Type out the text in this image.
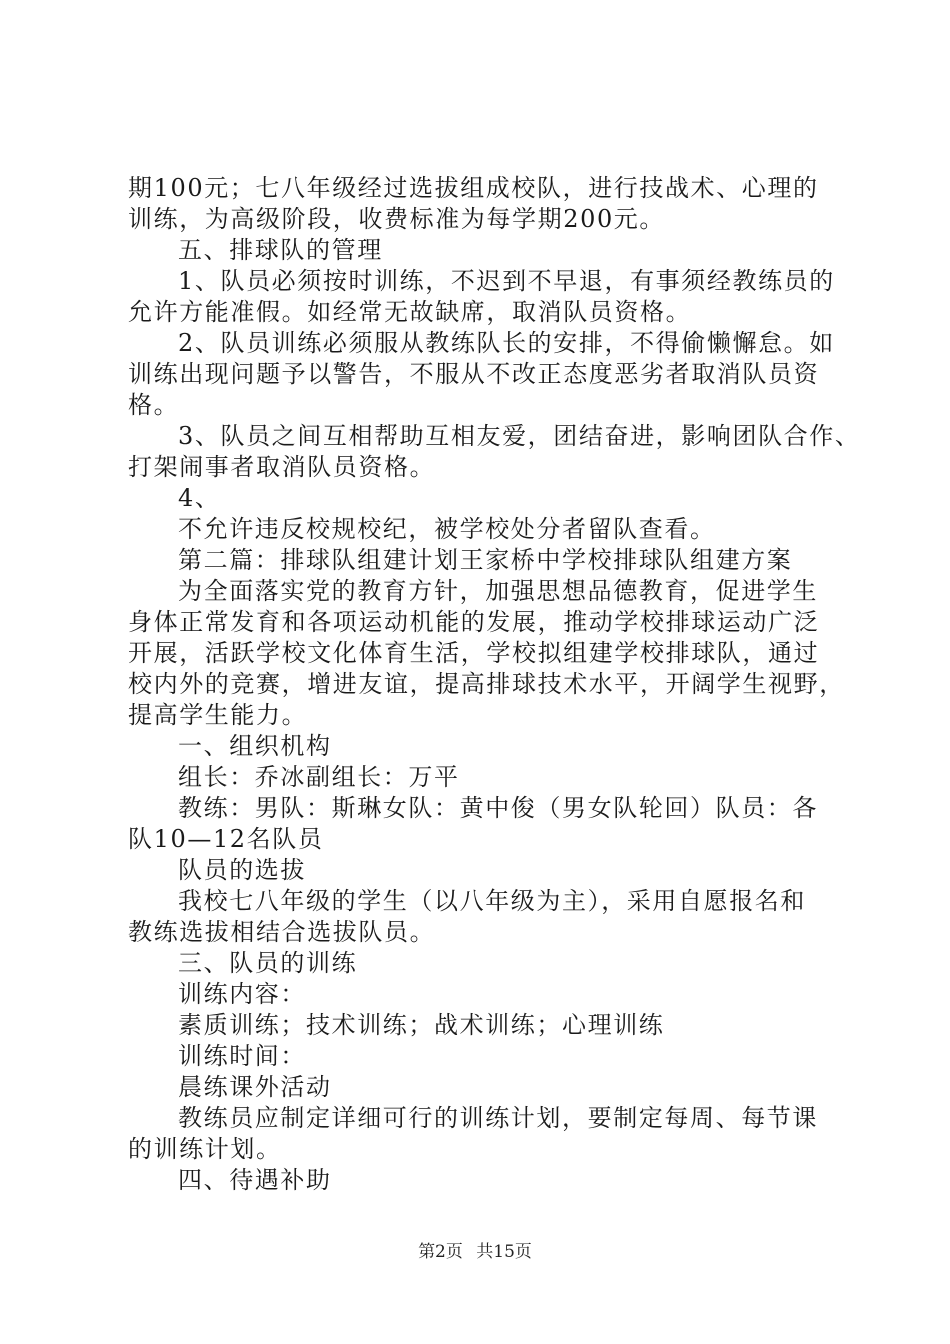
期100元；七八年级经过选拔组成校队，进行技战术、心理的

训练，为高级阶段，收费标准为每学期200元。

五、排球队的管理

1、队员必须按时训练，不迟到不早退，有事须经教练员的

允许方能准假。如经常无故缺席，取消队员资格。

2、队员训练必须服从教练队长的安排，不得偷懒懈怠。如

训练出现问题予以警告，不服从不改正态度恶劣者取消队员资

格。

3、队员之间互相帮助互相友爱，团结奋进，影响团队合作、

打架闹事者取消队员资格。

4、

不允许违反校规校纪，被学校处分者留队查看。

第二篇：排球队组建计划王家桥中学校排球队组建方案

为全面落实党的教育方针，加强思想品德教育，促进学生

身体正常发育和各项运动机能的发展，推动学校排球运动广泛

开展，活跃学校文化体育生活，学校拟组建学校排球队，通过

校内外的竞赛，增进友谊，提高排球技术水平，开阔学生视野，

提高学生能力。

一、组织机构

组长：乔冰副组长：万平

教练：男队：斯琳女队：黄中俊（男女队轮回）队员：各

队10—12名队员

队员的选拔

我校七八年级的学生（以八年级为主），采用自愿报名和

教练选拔相结合选拔队员。

三、队员的训练

训练内容：

素质训练；技术训练；战术训练；心理训练

训练时间：

晨练课外活动

教练员应制定详细可行的训练计划，要制定每周、每节课

的训练计划。

四、待遇补助

第2页 共15页
